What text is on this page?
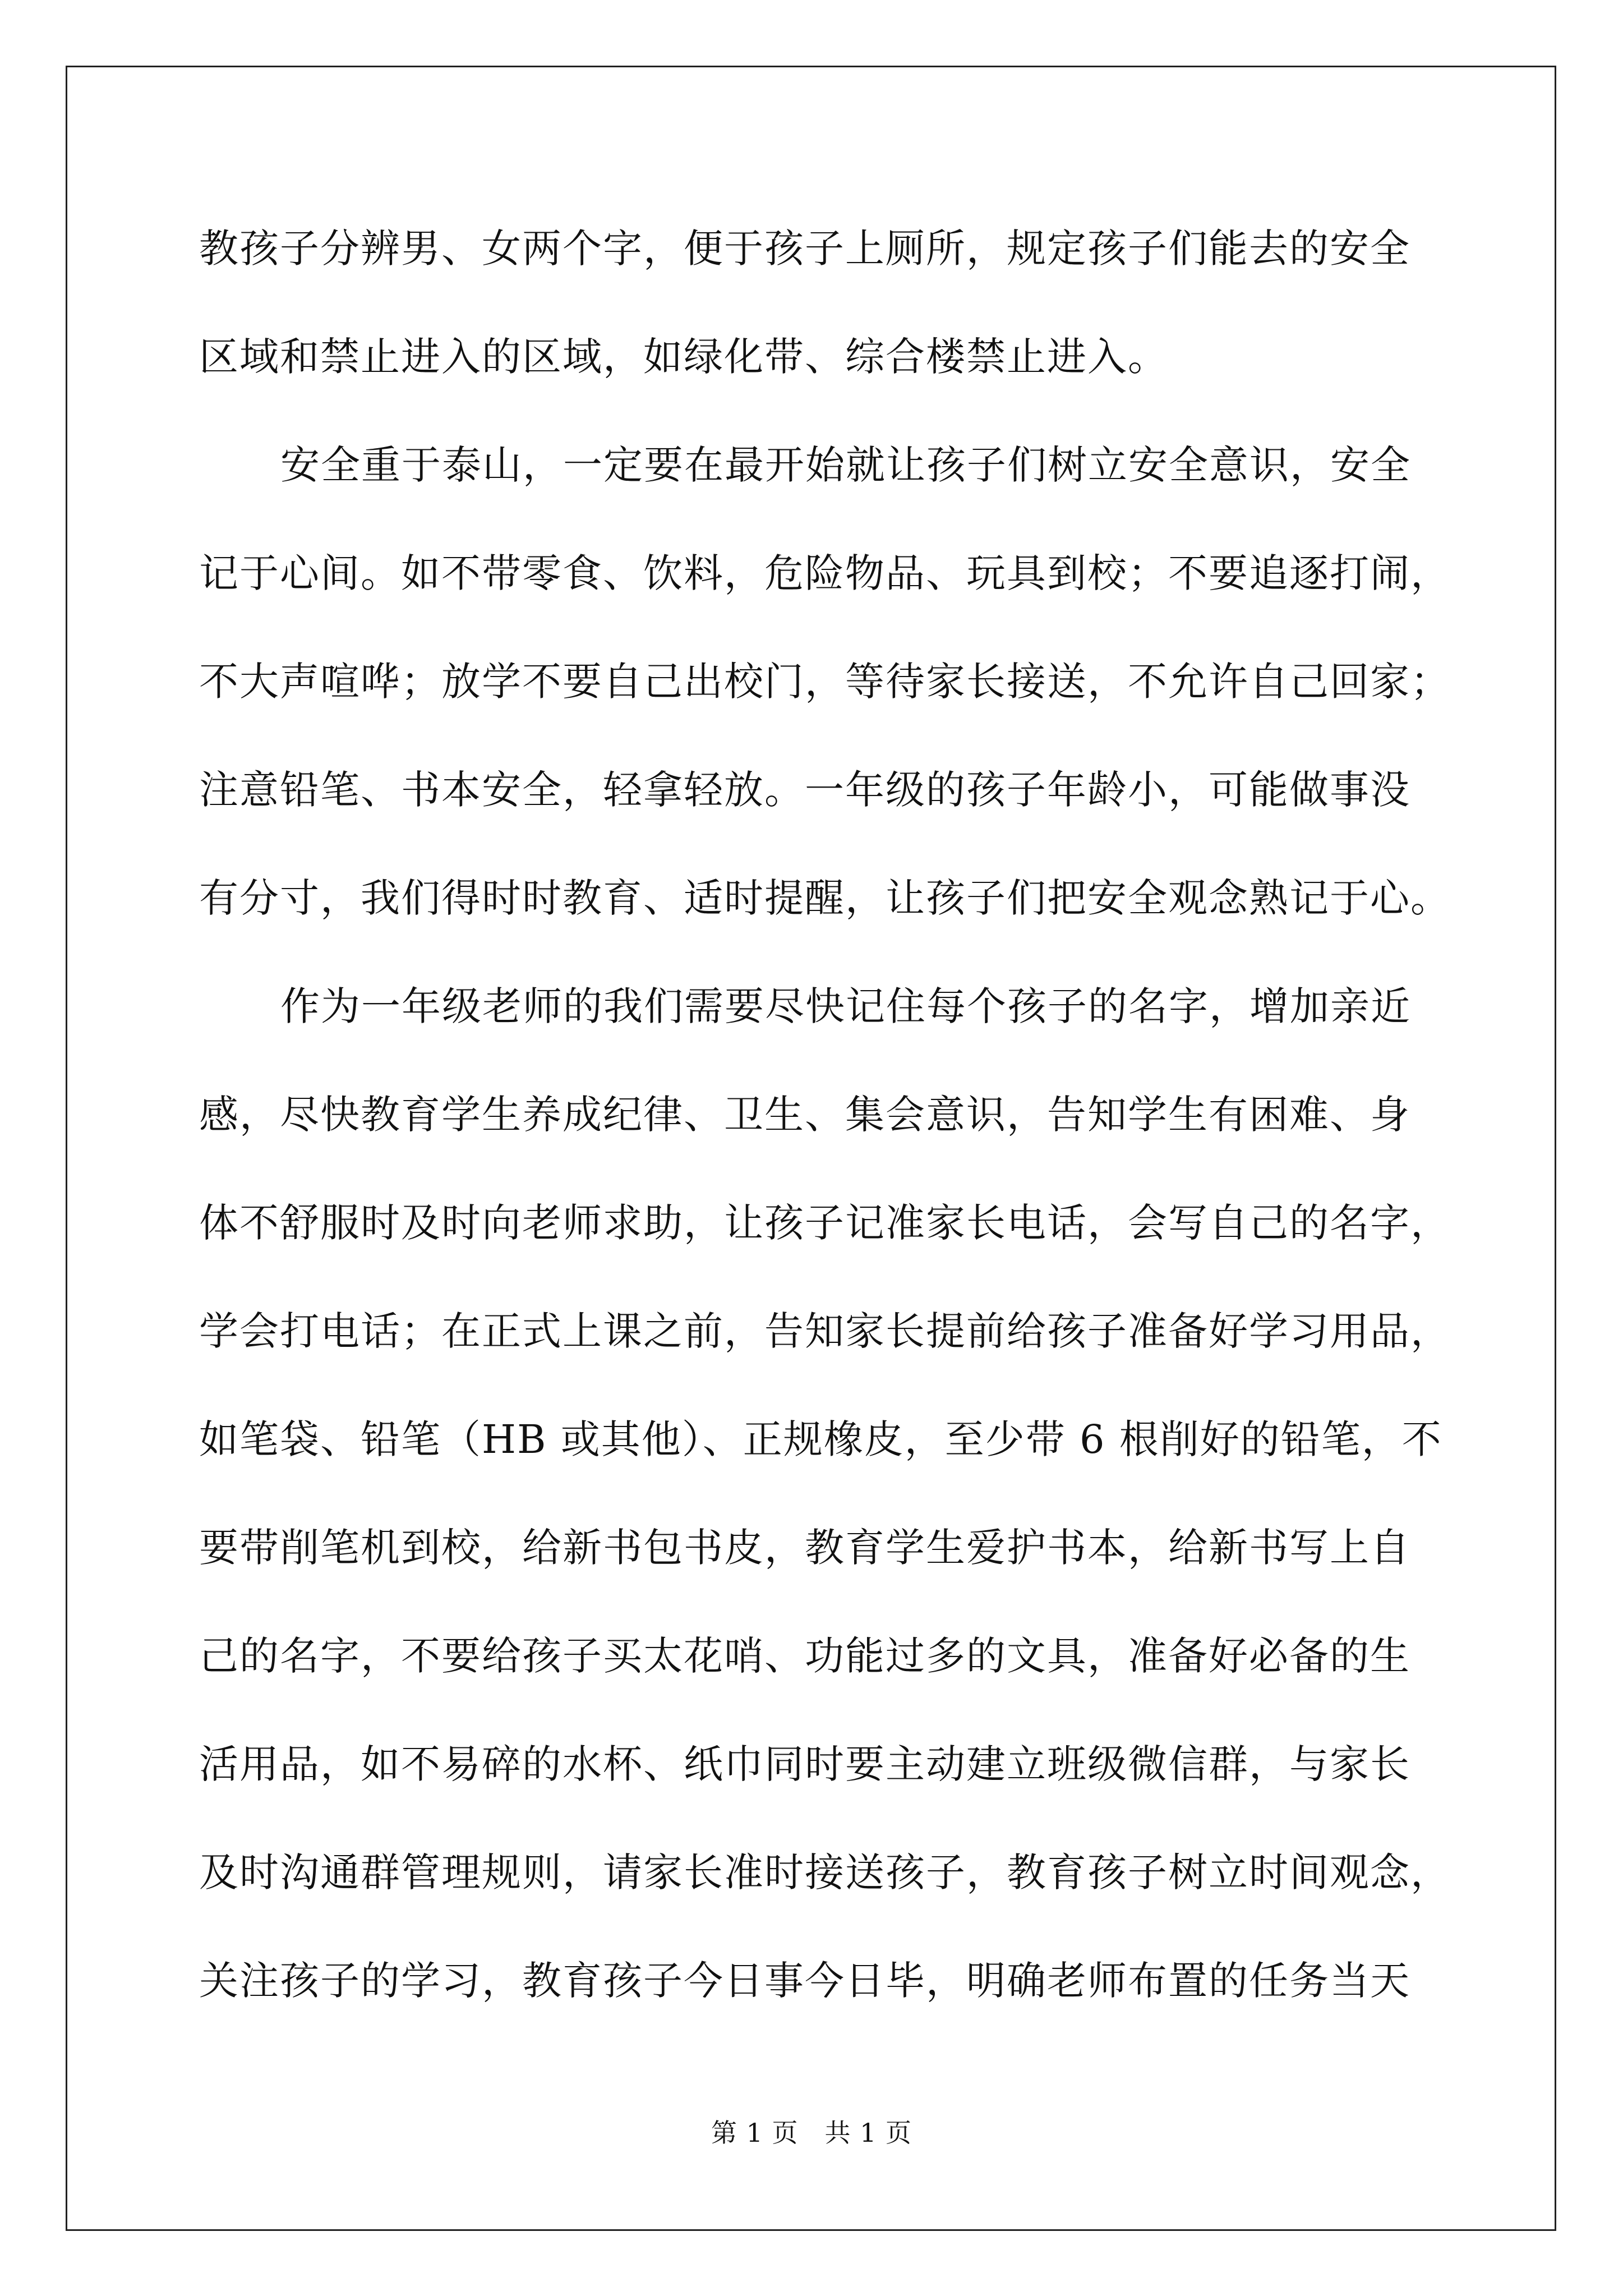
教孩子分辨男、女两个字，便于孩子上厕所，规定孩子们能去的安全
区域和禁止进入的区域，如绿化带、综合楼禁止进入。
安全重于泰山，一定要在最开始就让孩子们树立安全意识，安全
记于心间。如不带零食、饮料，危险物品、玩具到校；不要追逐打闹，
不大声喧哗；放学不要自己出校门，等待家长接送，不允许自己回家；
注意铅笔、书本安全，轻拿轻放。一年级的孩子年龄小，可能做事没
有分寸，我们得时时教育、适时提醒，让孩子们把安全观念熟记于心。
作为一年级老师的我们需要尽快记住每个孩子的名字，增加亲近
感，尽快教育学生养成纪律、卫生、集会意识，告知学生有困难、身
体不舒服时及时向老师求助，让孩子记准家长电话，会写自己的名字，
学会打电话；在正式上课之前，告知家长提前给孩子准备好学习用品，
如笔袋、铅笔（HB 或其他）、正规橡皮，至少带 6 根削好的铅笔，不
要带削笔机到校，给新书包书皮，教育学生爱护书本，给新书写上自
己的名字，不要给孩子买太花哨、功能过多的文具，准备好必备的生
活用品，如不易碎的水杯、纸巾同时要主动建立班级微信群，与家长
及时沟通群管理规则，请家长准时接送孩子，教育孩子树立时间观念，
关注孩子的学习，教育孩子今日事今日毕，明确老师布置的任务当天
第 1 页　共 1 页
